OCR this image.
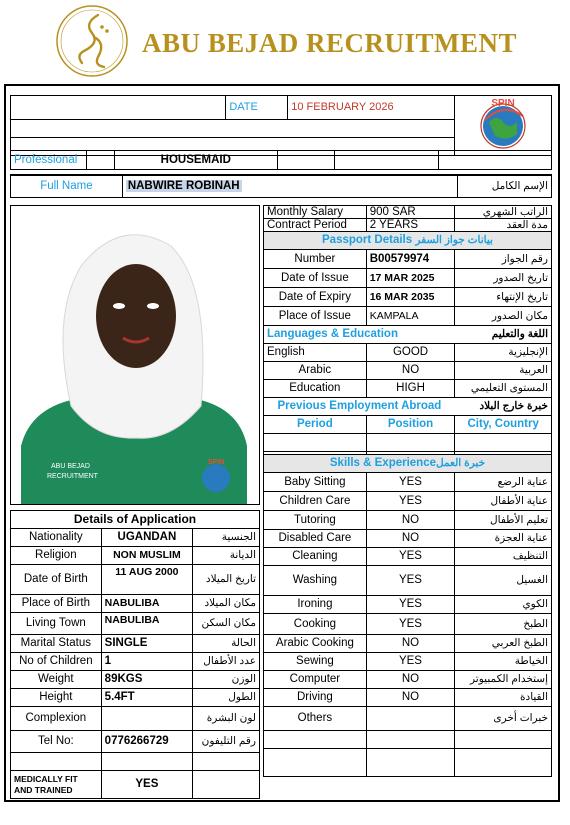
ABU BEJAD RECRUITMENT
	DATE	10 FEBRUARY 2026	SPIN

Professional		HOUSEMAID			

Full Name	NABWIRE ROBINAH	الإسم الكامل
ABU BEJAD
RECRUITMENT
SPIN
Monthly Salary	900 SAR	الراتب الشهري
Contract Period	2 YEARS	مدة العقد
Passport Details بيانات جواز السفر		
Number	B00579974	رقم الجواز
Date of Issue	17 MAR 2025	تاريخ الصدور
Date of Expiry	16 MAR 2035	تاريخ الإنتهاء
Place of Issue	KAMPALA	مكان الصدور
Languages & Education		اللغة والتعليم
English	GOOD	الإنجليزية
Arabic	NO	العربية
Education	HIGH	المستوى التعليمي
Previous Employment Abroad		خبرة خارج البلاد
Period	Position	City, Country

Skills & Experienceخبرة العمل		
Baby Sitting	YES	عناية الرضع
Children Care	YES	عناية الأطفال
Tutoring	NO	تعليم الأطفال
Disabled Care	NO	عناية العجزة
Cleaning	YES	التنظيف
Washing	YES	الغسيل
Ironing	YES	الكوي
Cooking	YES	الطبخ
Arabic Cooking	NO	الطبخ العربي
Sewing	YES	الخياطة
Computer	NO	إستخدام الكمبيوتر
Driving	NO	القيادة
Others		خبرات أخرى

Details of Application		
Nationality	UGANDAN	الجنسية
Religion	NON MUSLIM	الديانة
Date of Birth	11 AUG 2000	تاريخ الميلاد
Place of Birth	NABULIBA	مكان الميلاد
Living Town	NABULIBA	مكان السكن
Marital Status	SINGLE	الحالة
No of Children	1	عدد الأطفال
Weight	89KGS	الوزن
Height	5.4FT	الطول
Complexion		لون البشرة
Tel No:	0776266729	رقم التليفون

MEDICALLY FIT AND TRAINED	YES	
